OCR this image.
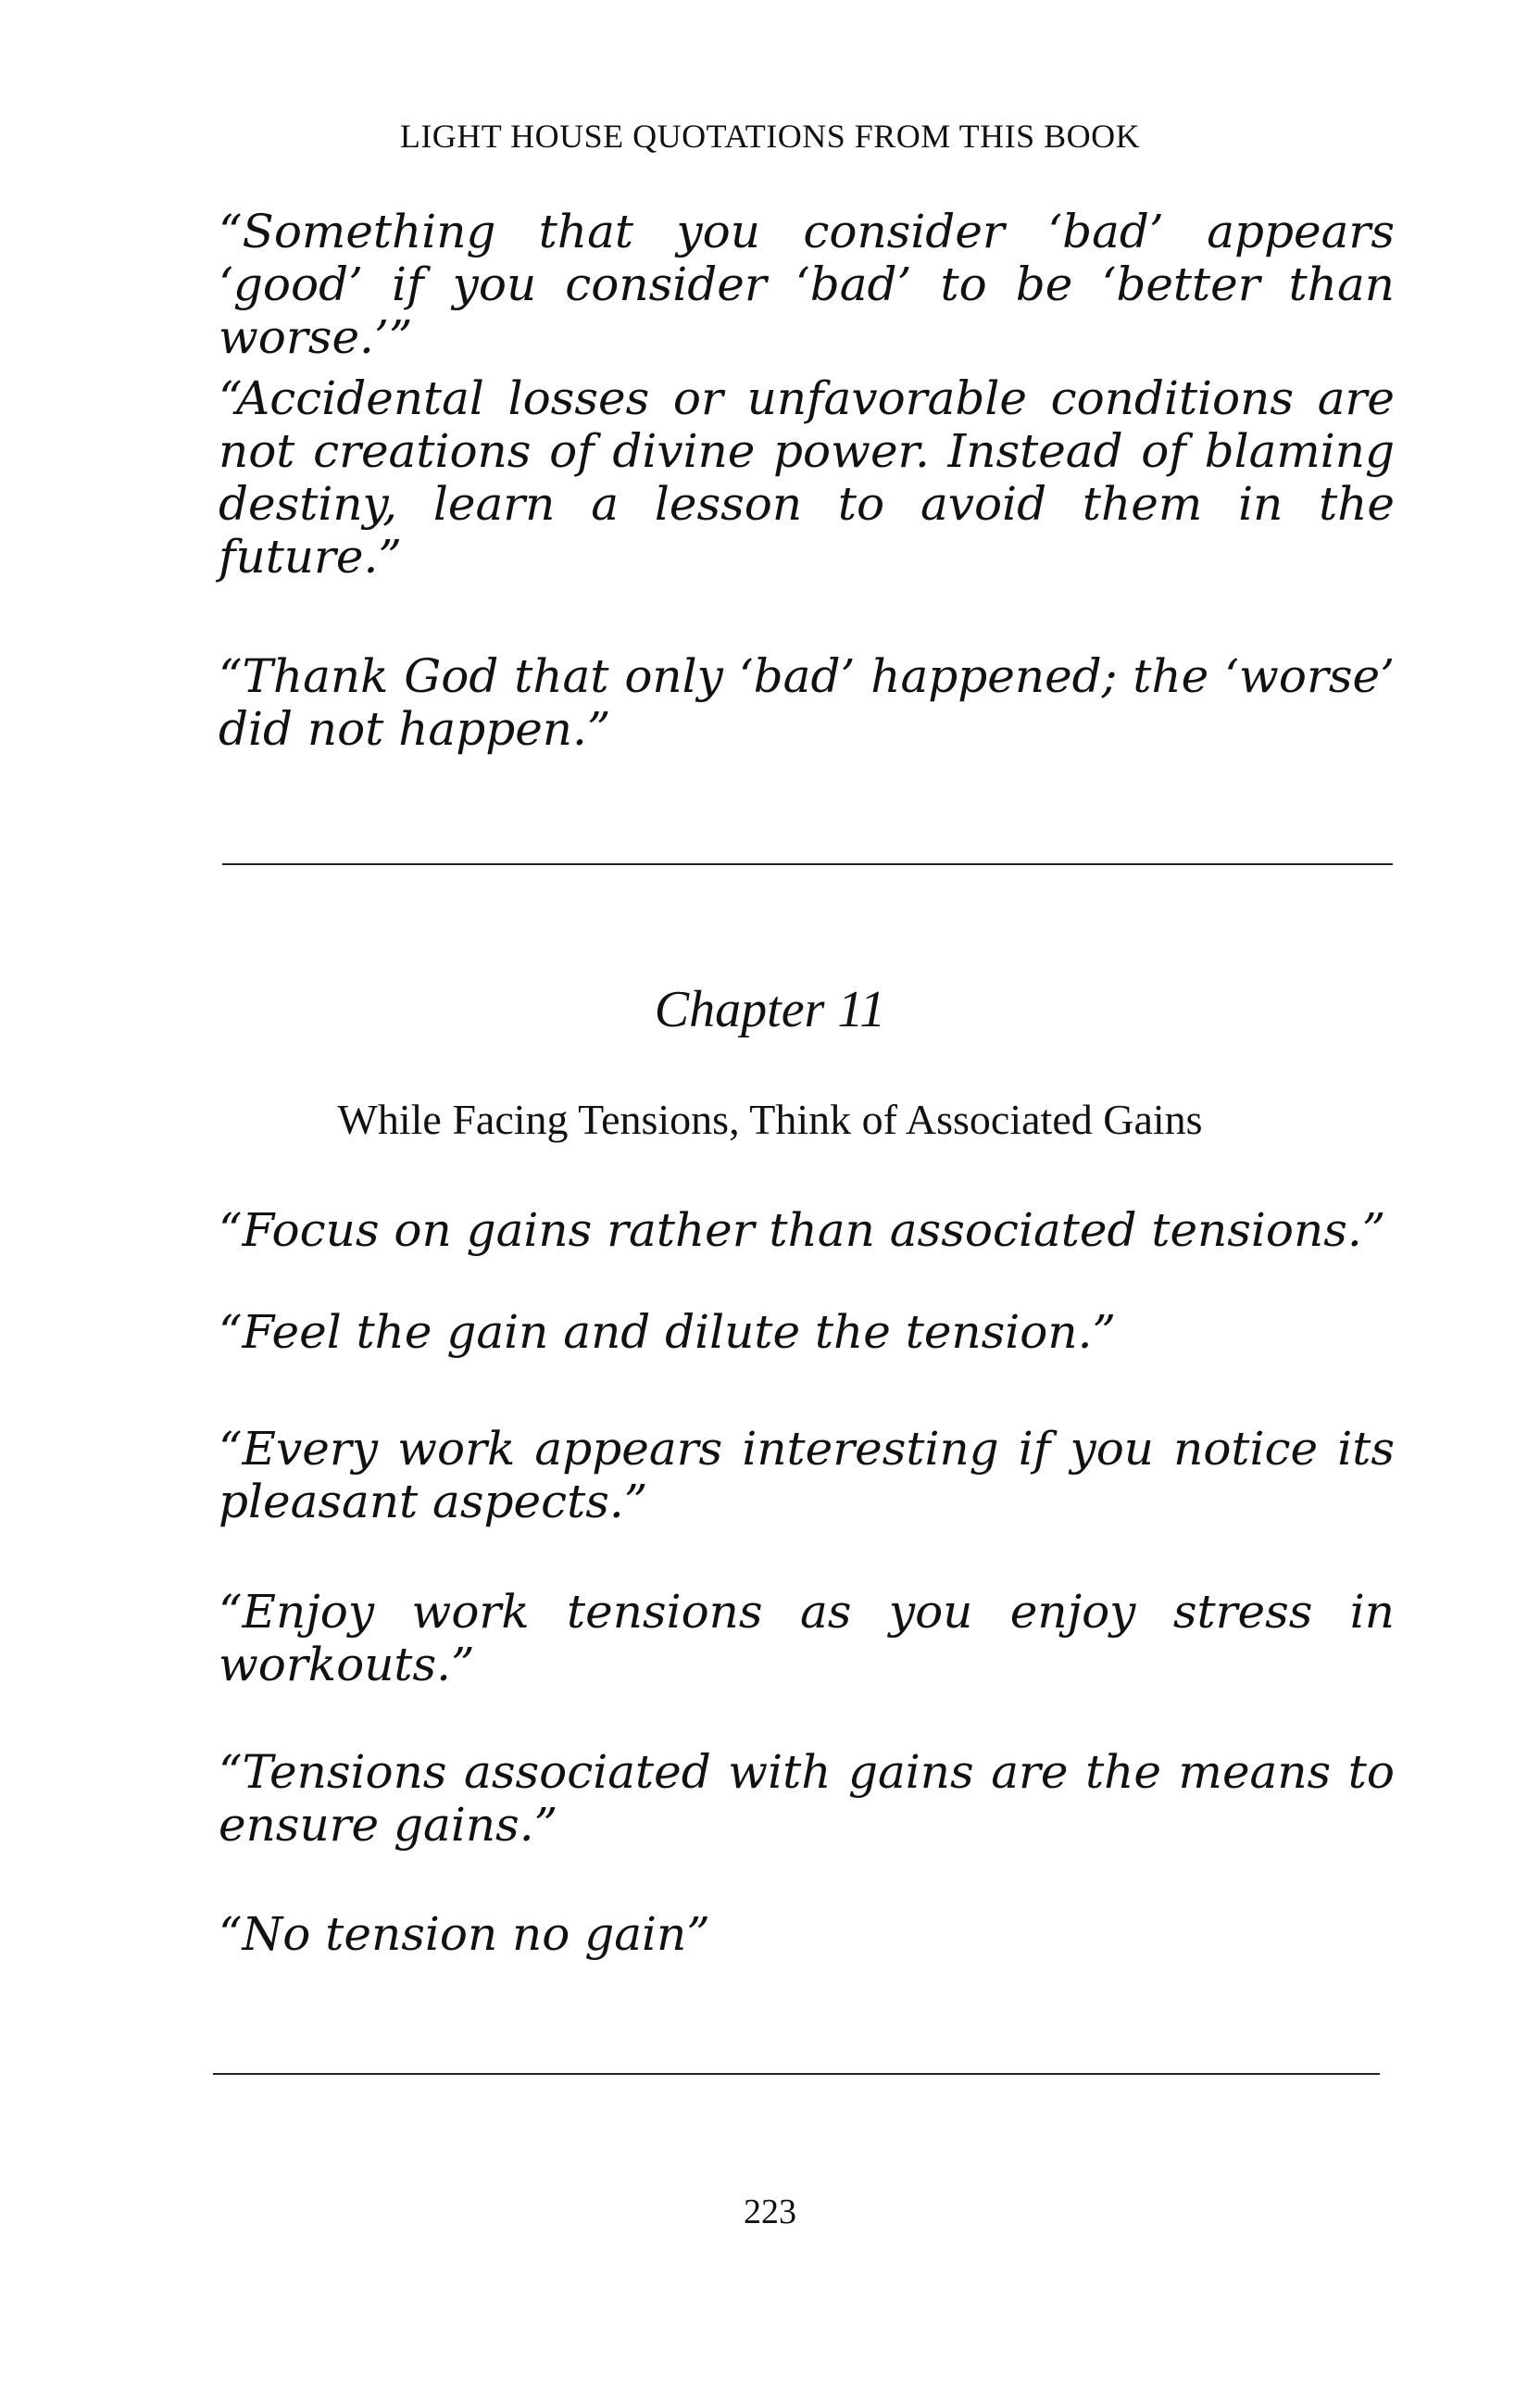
LIGHT HOUSE QUOTATIONS FROM THIS BOOK

“Something that you consider ‘bad’ appears ‘good’ if you consider ‘bad’ to be ‘better than worse.’”

“Accidental losses or unfavorable conditions are not creations of divine power. Instead of blaming destiny, learn a lesson to avoid them in the future.”

“Thank God that only ‘bad’ happened; the ‘worse’ did not happen.”

Chapter 11
While Facing Tensions, Think of Associated Gains

“Focus on gains rather than associated tensions.”

“Feel the gain and dilute the tension.”

“Every work appears interesting if you notice its pleasant aspects.”

“Enjoy work tensions as you enjoy stress in workouts.”

“Tensions associated with gains are the means to ensure gains.”

“No tension no gain”

223
